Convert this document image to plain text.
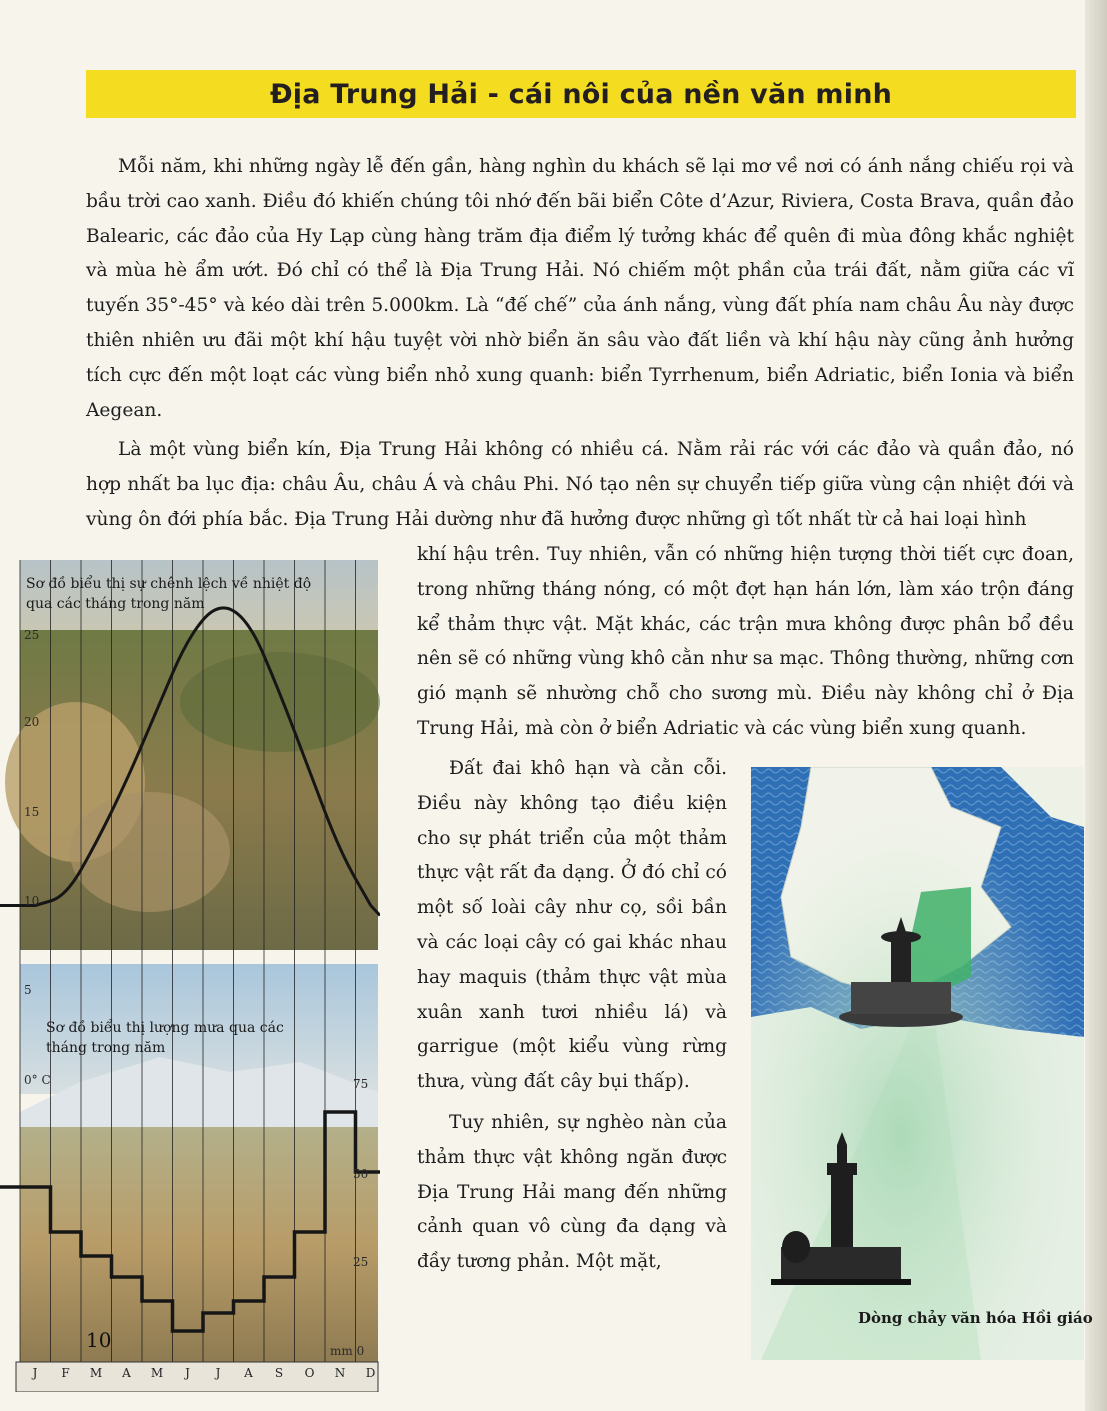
Địa Trung Hải - cái nôi của nền văn minh

Mỗi năm, khi những ngày lễ đến gần, hàng nghìn du khách sẽ lại mơ về nơi có ánh nắng chiếu rọi và bầu trời cao xanh. Điều đó khiến chúng tôi nhớ đến bãi biển Côte d’Azur, Riviera, Costa Brava, quần đảo Balearic, các đảo của Hy Lạp cùng hàng trăm địa điểm lý tưởng khác để quên đi mùa đông khắc nghiệt và mùa hè ẩm ướt. Đó chỉ có thể là Địa Trung Hải. Nó chiếm một phần của trái đất, nằm giữa các vĩ tuyến 35°-45° và kéo dài trên 5.000km. Là “đế chế” của ánh nắng, vùng đất phía nam châu Âu này được thiên nhiên ưu đãi một khí hậu tuyệt vời nhờ biển ăn sâu vào đất liền và khí hậu này cũng ảnh hưởng tích cực đến một loạt các vùng biển nhỏ xung quanh: biển Tyrrhenum, biển Adriatic, biển Ionia và biển Aegean.

Là một vùng biển kín, Địa Trung Hải không có nhiều cá. Nằm rải rác với các đảo và quần đảo, nó hợp nhất ba lục địa: châu Âu, châu Á và châu Phi. Nó tạo nên sự chuyển tiếp giữa vùng cận nhiệt đới và vùng ôn đới phía bắc. Địa Trung Hải dường như đã hưởng được những gì tốt nhất từ cả hai loại hình

khí hậu trên. Tuy nhiên, vẫn có những hiện tượng thời tiết cực đoan, trong những tháng nóng, có một đợt hạn hán lớn, làm xáo trộn đáng kể thảm thực vật. Mặt khác, các trận mưa không được phân bổ đều nên sẽ có những vùng khô cằn như sa mạc. Thông thường, những cơn gió mạnh sẽ nhường chỗ cho sương mù. Điều này không chỉ ở Địa Trung Hải, mà còn ở biển Adriatic và các vùng biển xung quanh.

Đất đai khô hạn và cằn cỗi. Điều này không tạo điều kiện cho sự phát triển của một thảm thực vật rất đa dạng. Ở đó chỉ có một số loài cây như cọ, sồi bần và các loại cây có gai khác nhau hay maquis (thảm thực vật mùa xuân xanh tươi nhiều lá) và garrigue (một kiểu vùng rừng thưa, vùng đất cây bụi thấp).

Tuy nhiên, sự nghèo nàn của thảm thực vật không ngăn được Địa Trung Hải mang đến những cảnh quan vô cùng đa dạng và đầy tương phản. Một mặt,

Sơ đồ biểu thị sự chênh lệch về nhiệt độ qua các tháng trong năm
Sơ đồ biểu thị lượng mưa qua các tháng trong năm
25
20
15
10
5
0° C	75
50
25
mm 0
10
J	F	M	A	M	J	J	A	S	O	N	D
Dòng chảy văn hóa Hồi giáo
